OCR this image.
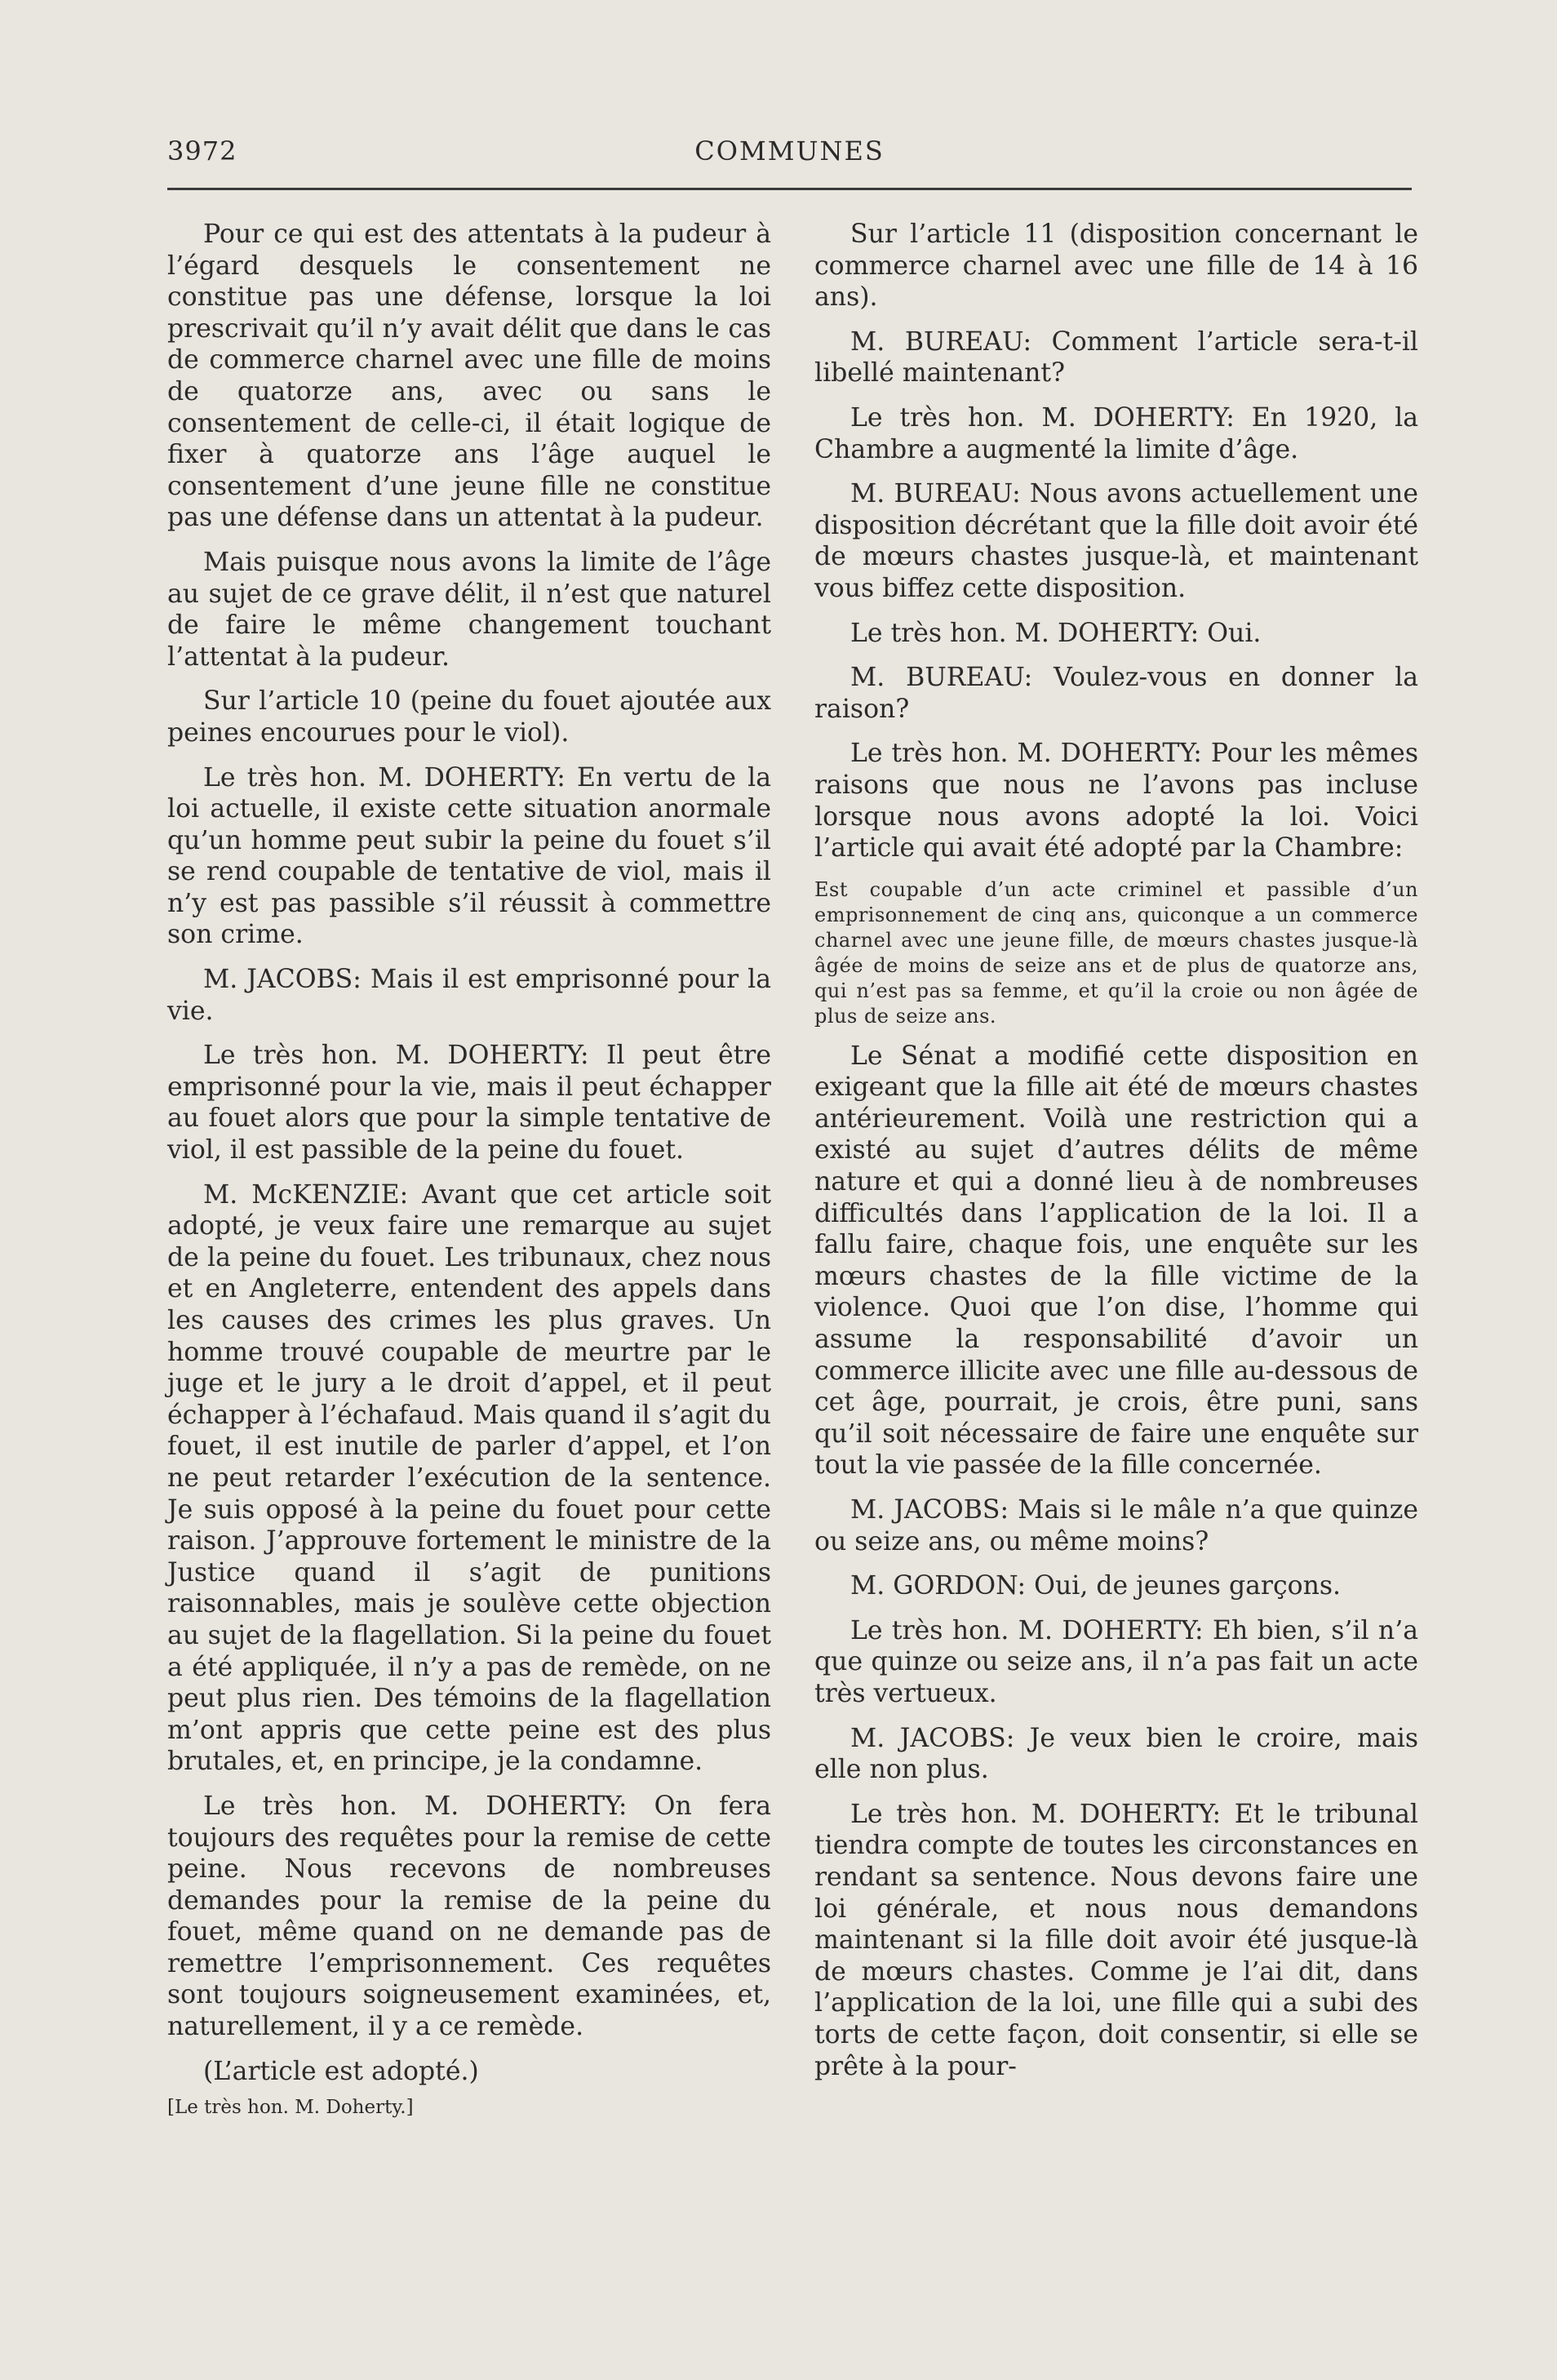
3972	COMMUNES

Pour ce qui est des attentats à la pudeur à l’égard desquels le consentement ne constitue pas une défense, lorsque la loi prescrivait qu’il n’y avait délit que dans le cas de commerce charnel avec une fille de moins de quatorze ans, avec ou sans le consentement de celle-ci, il était logique de fixer à quatorze ans l’âge auquel le consentement d’une jeune fille ne constitue pas une défense dans un attentat à la pudeur.

Mais puisque nous avons la limite de l’âge au sujet de ce grave délit, il n’est que naturel de faire le même changement touchant l’attentat à la pudeur.

Sur l’article 10 (peine du fouet ajoutée aux peines encourues pour le viol).

Le très hon. M. DOHERTY: En vertu de la loi actuelle, il existe cette situation anormale qu’un homme peut subir la peine du fouet s’il se rend coupable de tentative de viol, mais il n’y est pas passible s’il réussit à commettre son crime.

M. JACOBS: Mais il est emprisonné pour la vie.

Le très hon. M. DOHERTY: Il peut être emprisonné pour la vie, mais il peut échapper au fouet alors que pour la simple tentative de viol, il est passible de la peine du fouet.

M. McKENZIE: Avant que cet article soit adopté, je veux faire une remarque au sujet de la peine du fouet. Les tribunaux, chez nous et en Angleterre, entendent des appels dans les causes des crimes les plus graves. Un homme trouvé coupable de meurtre par le juge et le jury a le droit d’appel, et il peut échapper à l’échafaud. Mais quand il s’agit du fouet, il est inutile de parler d’appel, et l’on ne peut retarder l’exécution de la sentence. Je suis opposé à la peine du fouet pour cette raison. J’approuve fortement le ministre de la Justice quand il s’agit de punitions raisonnables, mais je soulève cette objection au sujet de la flagellation. Si la peine du fouet a été appliquée, il n’y a pas de remède, on ne peut plus rien. Des témoins de la flagellation m’ont appris que cette peine est des plus brutales, et, en principe, je la condamne.

Le très hon. M. DOHERTY: On fera toujours des requêtes pour la remise de cette peine. Nous recevons de nombreuses demandes pour la remise de la peine du fouet, même quand on ne demande pas de remettre l’emprisonnement. Ces requêtes sont toujours soigneusement examinées, et, naturellement, il y a ce remède.

(L’article est adopté.)

[Le très hon. M. Doherty.]

Sur l’article 11 (disposition concernant le commerce charnel avec une fille de 14 à 16 ans).

M. BUREAU: Comment l’article sera-t-il libellé maintenant?

Le très hon. M. DOHERTY: En 1920, la Chambre a augmenté la limite d’âge.

M. BUREAU: Nous avons actuellement une disposition décrétant que la fille doit avoir été de mœurs chastes jusque-là, et maintenant vous biffez cette disposition.

Le très hon. M. DOHERTY: Oui.

M. BUREAU: Voulez-vous en donner la raison?

Le très hon. M. DOHERTY: Pour les mêmes raisons que nous ne l’avons pas incluse lorsque nous avons adopté la loi. Voici l’article qui avait été adopté par la Chambre:

Est coupable d’un acte criminel et passible d’un emprisonnement de cinq ans, quiconque a un commerce charnel avec une jeune fille, de mœurs chastes jusque-là âgée de moins de seize ans et de plus de quatorze ans, qui n’est pas sa femme, et qu’il la croie ou non âgée de plus de seize ans.

Le Sénat a modifié cette disposition en exigeant que la fille ait été de mœurs chastes antérieurement. Voilà une restriction qui a existé au sujet d’autres délits de même nature et qui a donné lieu à de nombreuses difficultés dans l’application de la loi. Il a fallu faire, chaque fois, une enquête sur les mœurs chastes de la fille victime de la violence. Quoi que l’on dise, l’homme qui assume la responsabilité d’avoir un commerce illicite avec une fille au-dessous de cet âge, pourrait, je crois, être puni, sans qu’il soit nécessaire de faire une enquête sur tout la vie passée de la fille concernée.

M. JACOBS: Mais si le mâle n’a que quinze ou seize ans, ou même moins?

M. GORDON: Oui, de jeunes garçons.

Le très hon. M. DOHERTY: Eh bien, s’il n’a que quinze ou seize ans, il n’a pas fait un acte très vertueux.

M. JACOBS: Je veux bien le croire, mais elle non plus.

Le très hon. M. DOHERTY: Et le tribunal tiendra compte de toutes les circonstances en rendant sa sentence. Nous devons faire une loi générale, et nous nous demandons maintenant si la fille doit avoir été jusque-là de mœurs chastes. Comme je l’ai dit, dans l’application de la loi, une fille qui a subi des torts de cette façon, doit consentir, si elle se prête à la pour-
